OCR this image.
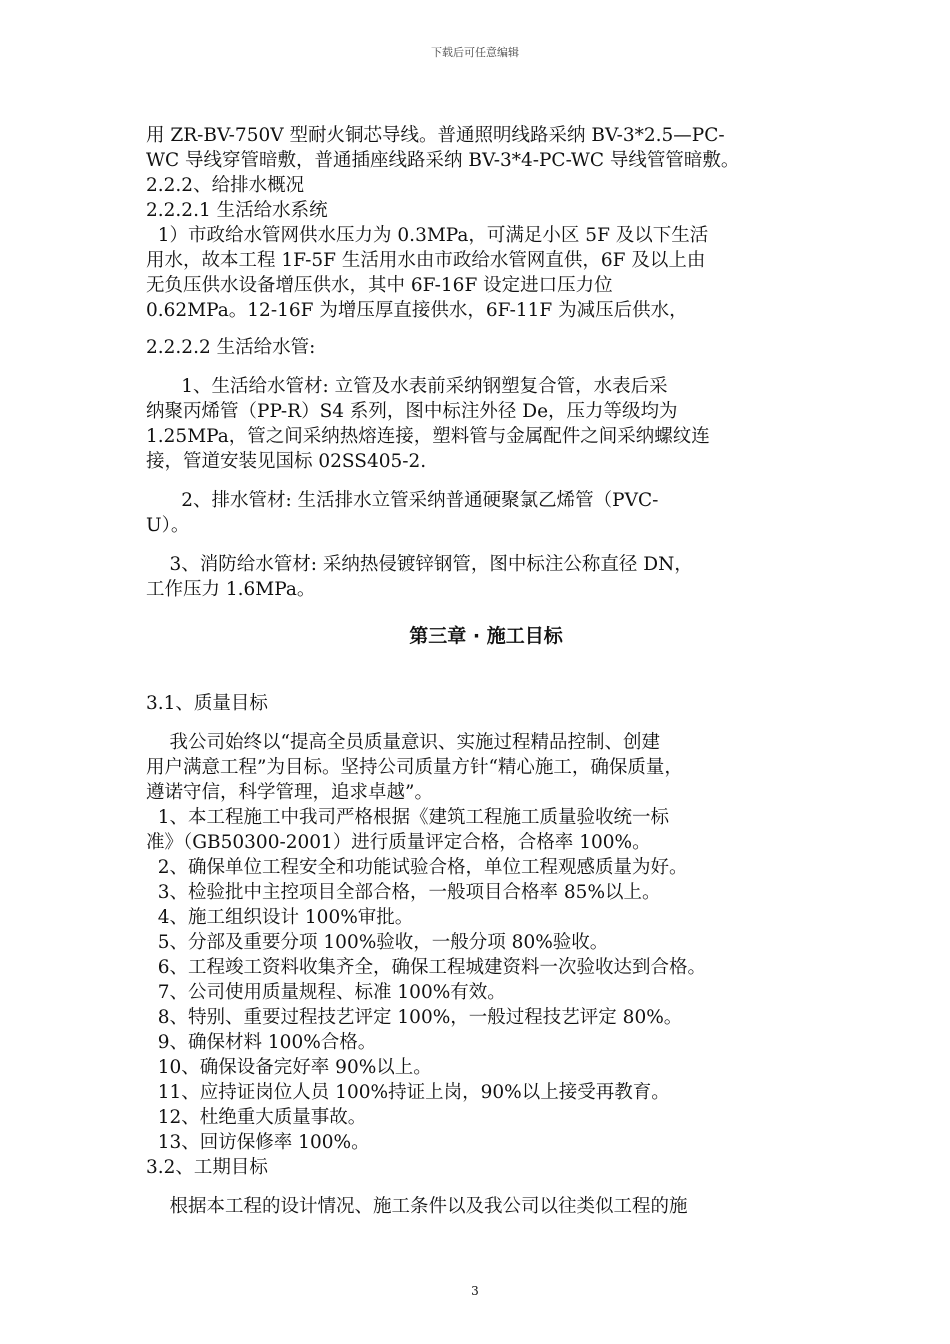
下载后可任意编辑
用 ZR-BV-750V 型耐火铜芯导线。普通照明线路采纳 BV-3*2.5—PC-
WC 导线穿管暗敷，普通插座线路采纳 BV-3*4-PC-WC 导线管管暗敷。
2.2.2、给排水概况
2.2.2.1 生活给水系统
1）市政给水管网供水压力为 0.3MPa，可满足小区 5F 及以下生活
用水，故本工程 1F-5F 生活用水由市政给水管网直供，6F 及以上由
无负压供水设备增压供水，其中 6F-16F 设定进口压力位
0.62MPa。12-16F 为增压厚直接供水，6F-11F 为减压后供水，
2.2.2.2 生活给水管:
1、生活给水管材: 立管及水表前采纳钢塑复合管，水表后采
纳聚丙烯管（PP-R）S4 系列，图中标注外径 De，压力等级均为
1.25MPa，管之间采纳热熔连接，塑料管与金属配件之间采纳螺纹连
接，管道安装见国标 02SS405-2.
2、排水管材: 生活排水立管采纳普通硬聚氯乙烯管（PVC-
U）。
3、消防给水管材: 采纳热侵镀锌钢管，图中标注公称直径 DN，
工作压力 1.6MPa。
第三章 · 施工目标
3.1、质量目标
我公司始终以“提高全员质量意识、实施过程精品控制、创建
用户满意工程”为目标。坚持公司质量方针“精心施工，确保质量，
遵诺守信，科学管理，追求卓越”。
1、本工程施工中我司严格根据《建筑工程施工质量验收统一标
准》（GB50300-2001）进行质量评定合格，合格率 100%。
2、确保单位工程安全和功能试验合格，单位工程观感质量为好。
3、检验批中主控项目全部合格，一般项目合格率 85%以上。
4、施工组织设计 100%审批。
5、分部及重要分项 100%验收，一般分项 80%验收。
6、工程竣工资料收集齐全，确保工程城建资料一次验收达到合格。
7、公司使用质量规程、标准 100%有效。
8、特别、重要过程技艺评定 100%，一般过程技艺评定 80%。
9、确保材料 100%合格。
10、确保设备完好率 90%以上。
11、应持证岗位人员 100%持证上岗，90%以上接受再教育。
12、杜绝重大质量事故。
13、回访保修率 100%。
3.2、工期目标
根据本工程的设计情况、施工条件以及我公司以往类似工程的施
3
